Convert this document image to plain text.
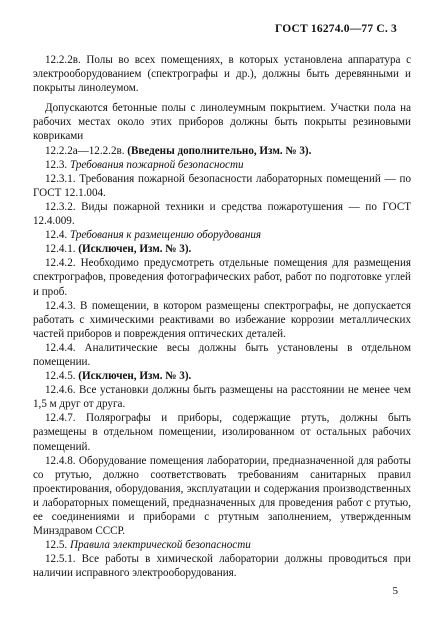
ГОСТ 16274.0—77 С. 3

12.2.2в. Полы во всех помещениях, в которых установлена аппаратура с электрооборудованием (спектрографы и др.), должны быть деревянными и покрыты линолеумом.

Допускаются бетонные полы с линолеумным покрытием. Участки пола на рабочих местах около этих приборов должны быть покрыты резиновыми ковриками

12.2.2а—12.2.2в. (Введены дополнительно, Изм. № 3).

12.3. Требования пожарной безопасности

12.3.1. Требования пожарной безопасности лабораторных помещений — по ГОСТ 12.1.004.

12.3.2. Виды пожарной техники и средства пожаротушения — по ГОСТ 12.4.009.

12.4. Требования к размещению оборудования

12.4.1. (Исключен, Изм. № 3).

12.4.2. Необходимо предусмотреть отдельные помещения для размещения спектрографов, проведения фотографических работ, работ по подготовке углей и проб.

12.4.3. В помещении, в котором размещены спектрографы, не допускается работать с химическими реактивами во избежание коррозии металлических частей приборов и повреждения оптических деталей.

12.4.4. Аналитические весы должны быть установлены в отдельном помещении.

12.4.5. (Исключен, Изм. № 3).

12.4.6. Все установки должны быть размещены на расстоянии не менее чем 1,5 м друг от друга.

12.4.7. Полярографы и приборы, содержащие ртуть, должны быть размещены в отдельном помещении, изолированном от остальных рабочих помещений.

12.4.8. Оборудование помещения лаборатории, предназначенной для работы со ртутью, должно соответствовать требованиям санитарных правил проектирования, оборудования, эксплуатации и содержания производственных и лабораторных помещений, предназначенных для проведения работ с ртутью, ее соединениями и приборами с ртутным заполнением, утвержденным Минздравом СССР.

12.5. Правила электрической безопасности

12.5.1. Все работы в химической лаборатории должны проводиться при наличии исправного электрооборудования.

5
